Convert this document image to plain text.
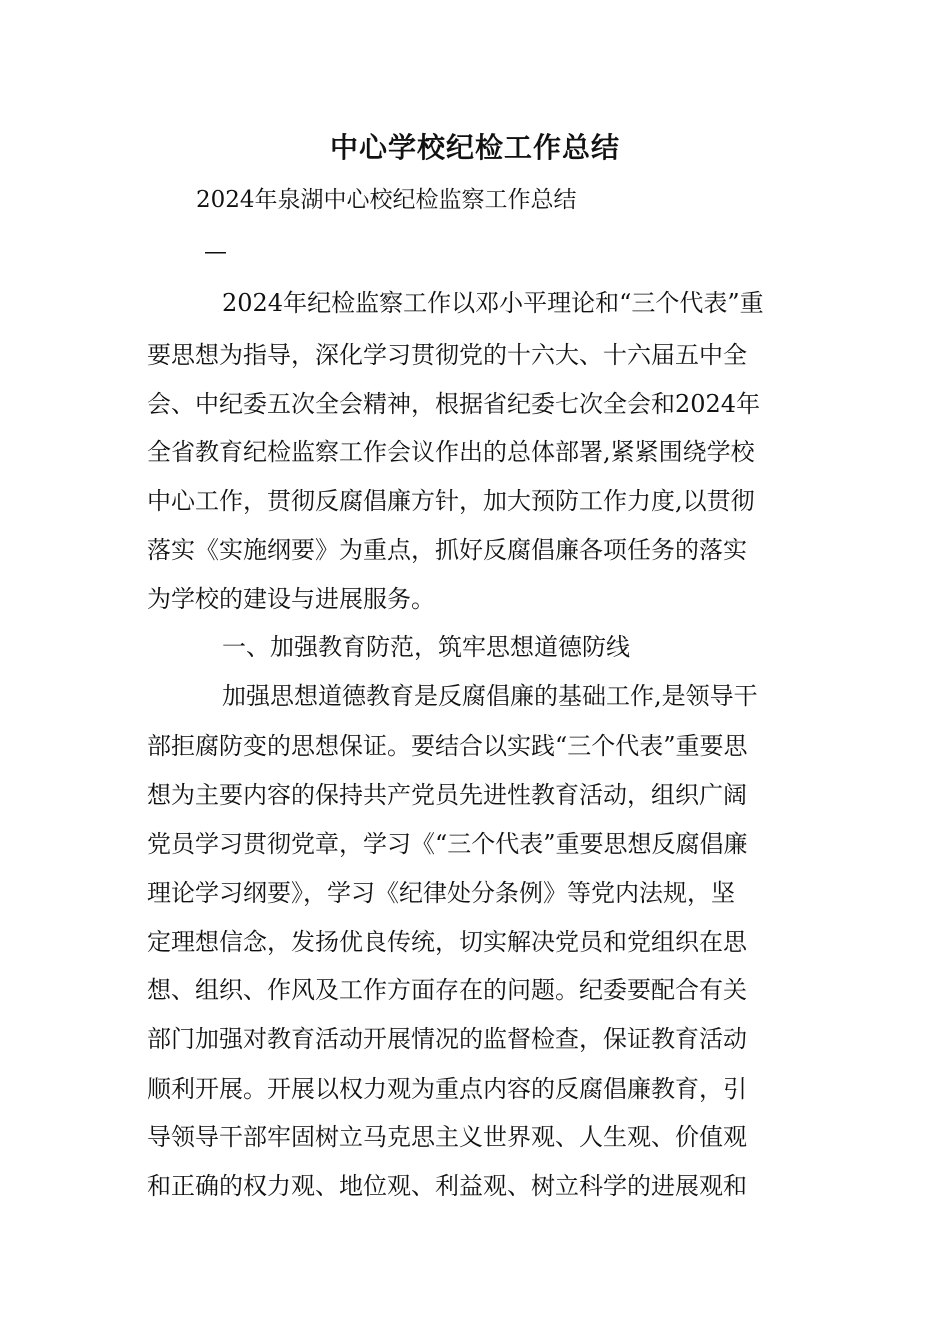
中心学校纪检工作总结
2024年泉湖中心校纪检监察工作总结
—
2024年纪检监察工作以邓小平理论和“三个代表”重
要思想为指导，深化学习贯彻党的十六大、十六届五中全
会、中纪委五次全会精神，根据省纪委七次全会和2024年
全省教育纪检监察工作会议作出的总体部署,紧紧围绕学校
中心工作，贯彻反腐倡廉方针，加大预防工作力度,以贯彻
落实《实施纲要》为重点，抓好反腐倡廉各项任务的落实
为学校的建设与进展服务。
一、加强教育防范，筑牢思想道德防线
加强思想道德教育是反腐倡廉的基础工作,是领导干
部拒腐防变的思想保证。要结合以实践“三个代表”重要思
想为主要内容的保持共产党员先进性教育活动，组织广阔
党员学习贯彻党章，学习《“三个代表”重要思想反腐倡廉
理论学习纲要》，学习《纪律处分条例》等党内法规，坚
定理想信念，发扬优良传统，切实解决党员和党组织在思
想、组织、作风及工作方面存在的问题。纪委要配合有关
部门加强对教育活动开展情况的监督检查，保证教育活动
顺利开展。开展以权力观为重点内容的反腐倡廉教育，引
导领导干部牢固树立马克思主义世界观、人生观、价值观
和正确的权力观、地位观、利益观、树立科学的进展观和
